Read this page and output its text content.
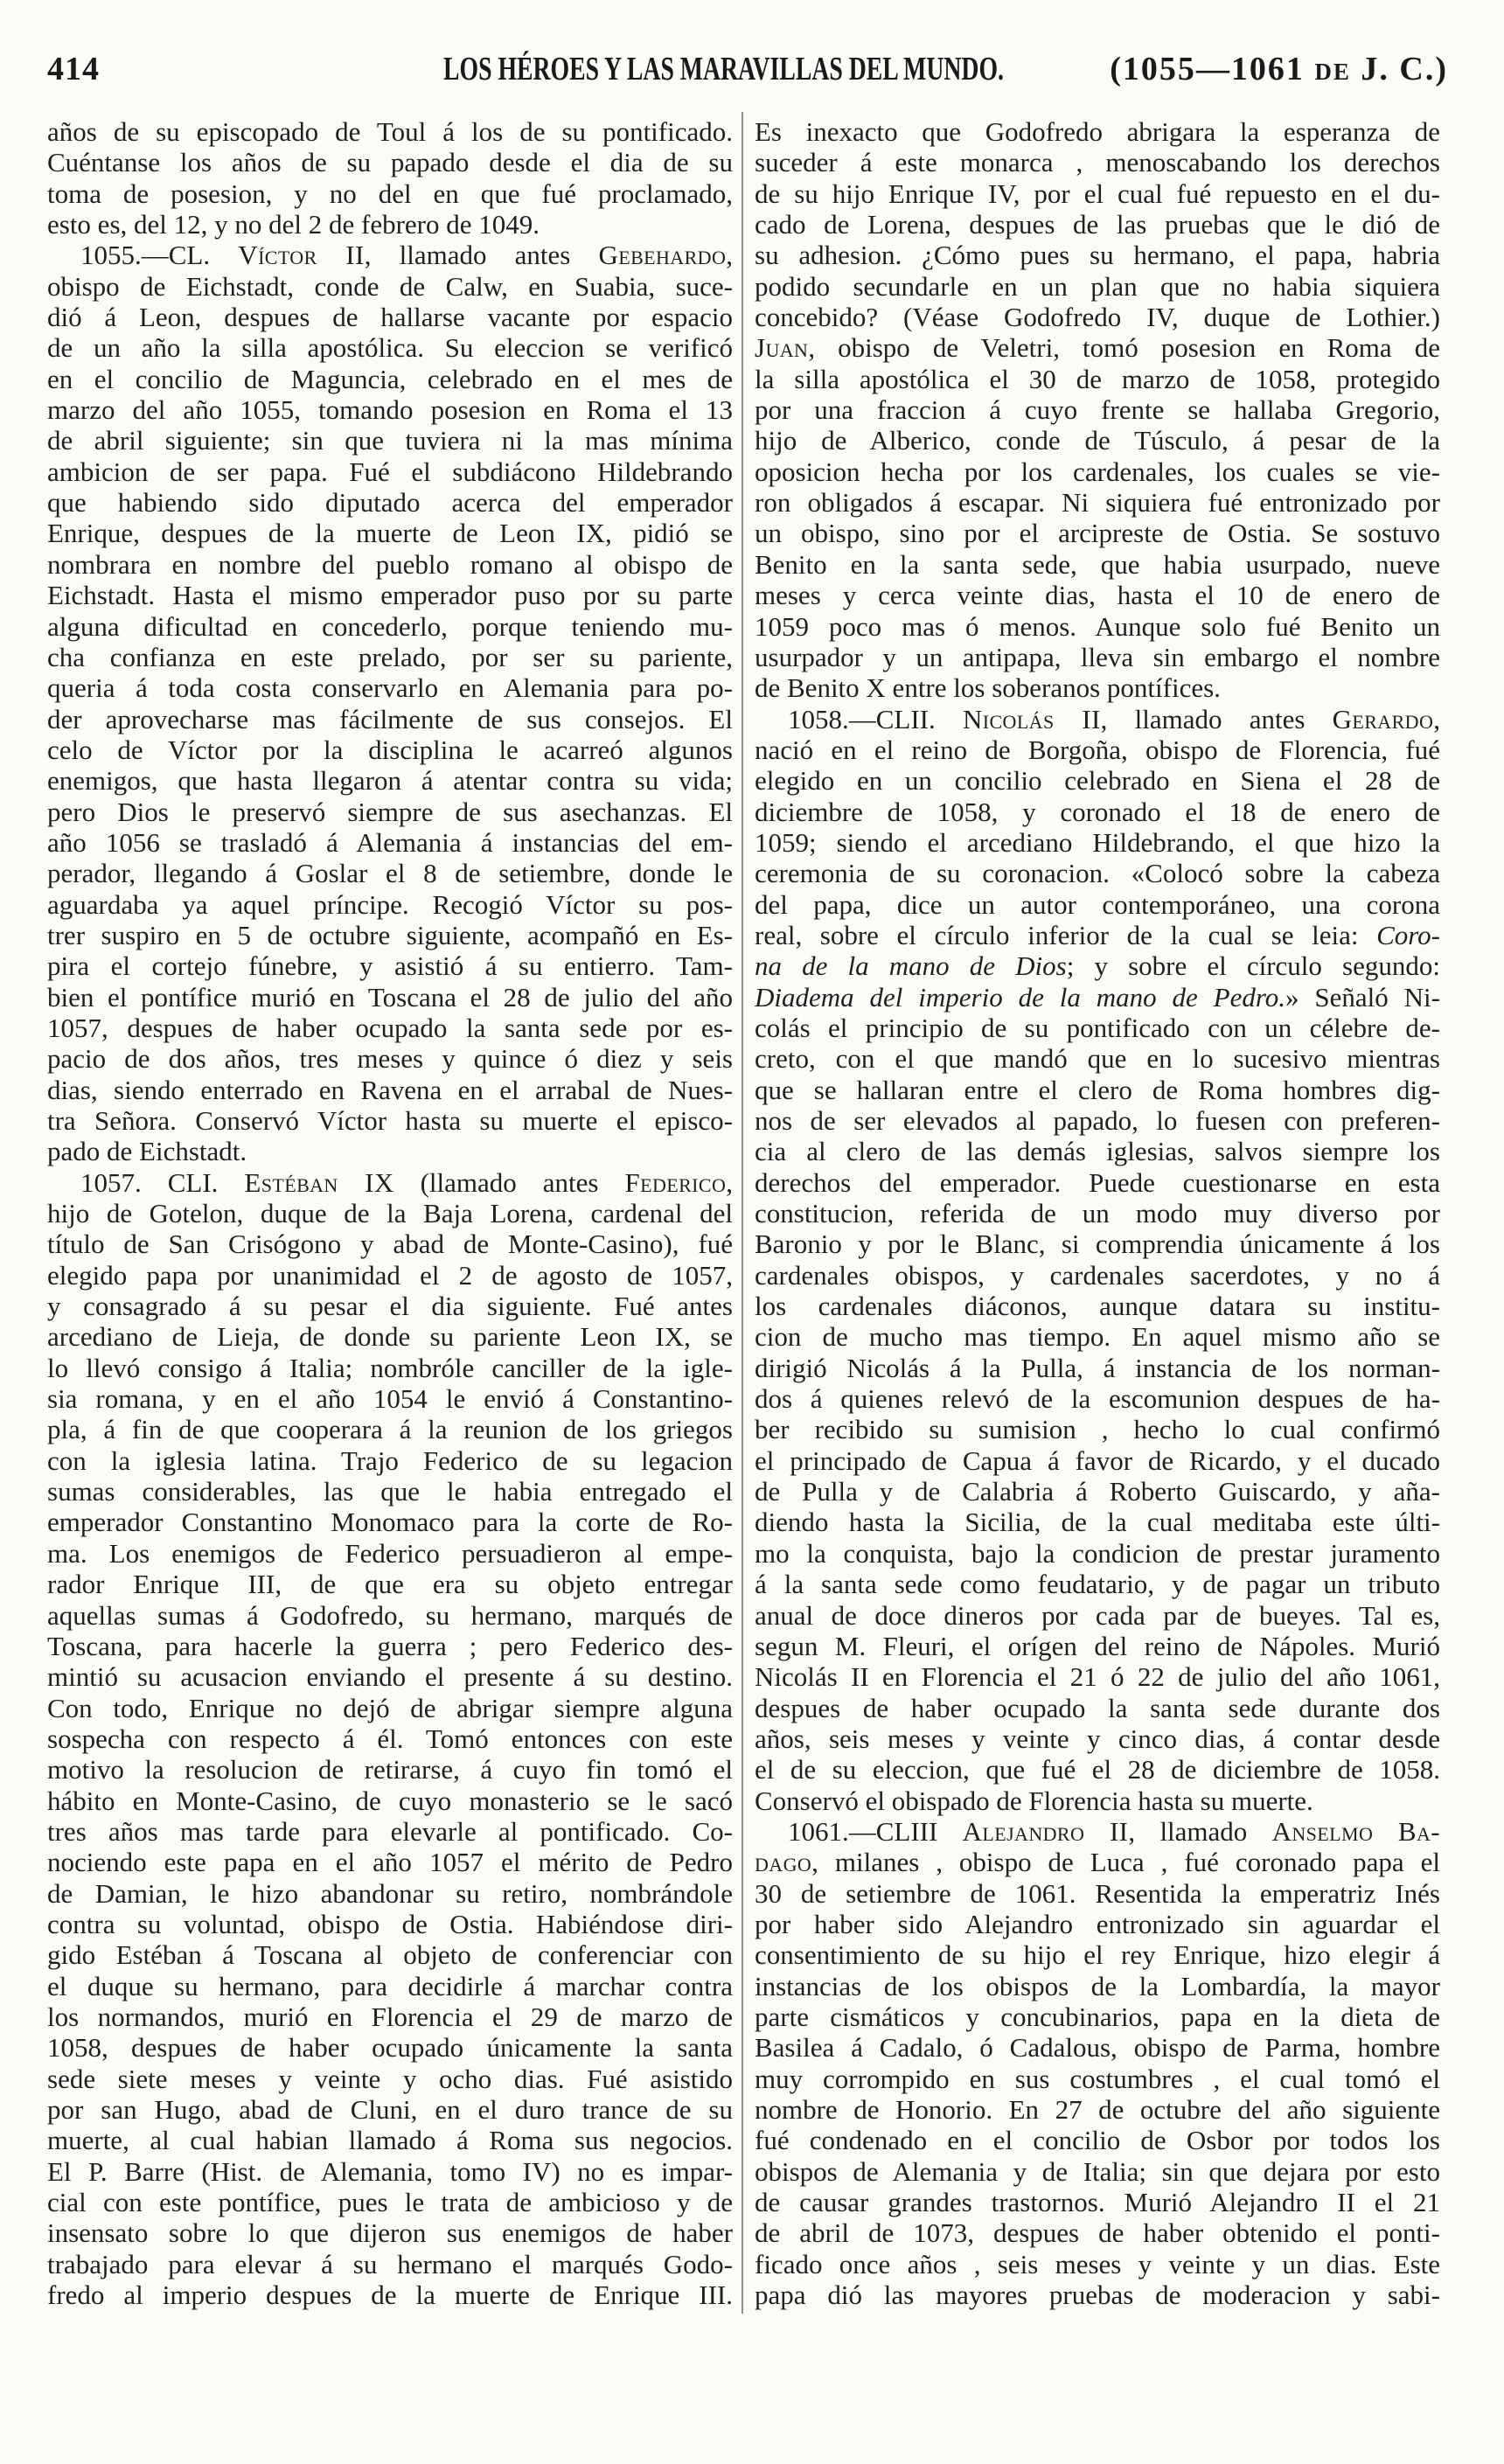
414	LOS HÉROES Y LAS MARAVILLAS DEL MUNDO.	(1055—1061 de J. C.)
años de su episcopado de Toul á los de su pontificado.
Cuéntanse los años de su papado desde el dia de su
toma de posesion, y no del en que fué proclamado,
esto es, del 12, y no del 2 de febrero de 1049.
1055.—CL. Víctor II, llamado antes Gebehardo,
obispo de Eichstadt, conde de Calw, en Suabia, suce-
dió á Leon, despues de hallarse vacante por espacio
de un año la silla apostólica. Su eleccion se verificó
en el concilio de Maguncia, celebrado en el mes de
marzo del año 1055, tomando posesion en Roma el 13
de abril siguiente; sin que tuviera ni la mas mínima
ambicion de ser papa. Fué el subdiácono Hildebrando
que habiendo sido diputado acerca del emperador
Enrique, despues de la muerte de Leon IX, pidió se
nombrara en nombre del pueblo romano al obispo de
Eichstadt. Hasta el mismo emperador puso por su parte
alguna dificultad en concederlo, porque teniendo mu-
cha confianza en este prelado, por ser su pariente,
queria á toda costa conservarlo en Alemania para po-
der aprovecharse mas fácilmente de sus consejos. El
celo de Víctor por la disciplina le acarreó algunos
enemigos, que hasta llegaron á atentar contra su vida;
pero Dios le preservó siempre de sus asechanzas. El
año 1056 se trasladó á Alemania á instancias del em-
perador, llegando á Goslar el 8 de setiembre, donde le
aguardaba ya aquel príncipe. Recogió Víctor su pos-
trer suspiro en 5 de octubre siguiente, acompañó en Es-
pira el cortejo fúnebre, y asistió á su entierro. Tam-
bien el pontífice murió en Toscana el 28 de julio del año
1057, despues de haber ocupado la santa sede por es-
pacio de dos años, tres meses y quince ó diez y seis
dias, siendo enterrado en Ravena en el arrabal de Nues-
tra Señora. Conservó Víctor hasta su muerte el episco-
pado de Eichstadt.
1057. CLI. Estéban IX (llamado antes Federico,
hijo de Gotelon, duque de la Baja Lorena, cardenal del
título de San Crisógono y abad de Monte-Casino), fué
elegido papa por unanimidad el 2 de agosto de 1057,
y consagrado á su pesar el dia siguiente. Fué antes
arcediano de Lieja, de donde su pariente Leon IX, se
lo llevó consigo á Italia; nombróle canciller de la igle-
sia romana, y en el año 1054 le envió á Constantino-
pla, á fin de que cooperara á la reunion de los griegos
con la iglesia latina. Trajo Federico de su legacion
sumas considerables, las que le habia entregado el
emperador Constantino Monomaco para la corte de Ro-
ma. Los enemigos de Federico persuadieron al empe-
rador Enrique III, de que era su objeto entregar
aquellas sumas á Godofredo, su hermano, marqués de
Toscana, para hacerle la guerra ; pero Federico des-
mintió su acusacion enviando el presente á su destino.
Con todo, Enrique no dejó de abrigar siempre alguna
sospecha con respecto á él. Tomó entonces con este
motivo la resolucion de retirarse, á cuyo fin tomó el
hábito en Monte-Casino, de cuyo monasterio se le sacó
tres años mas tarde para elevarle al pontificado. Co-
nociendo este papa en el año 1057 el mérito de Pedro
de Damian, le hizo abandonar su retiro, nombrándole
contra su voluntad, obispo de Ostia. Habiéndose diri-
gido Estéban á Toscana al objeto de conferenciar con
el duque su hermano, para decidirle á marchar contra
los normandos, murió en Florencia el 29 de marzo de
1058, despues de haber ocupado únicamente la santa
sede siete meses y veinte y ocho dias. Fué asistido
por san Hugo, abad de Cluni, en el duro trance de su
muerte, al cual habian llamado á Roma sus negocios.
El P. Barre (Hist. de Alemania, tomo IV) no es impar-
cial con este pontífice, pues le trata de ambicioso y de
insensato sobre lo que dijeron sus enemigos de haber
trabajado para elevar á su hermano el marqués Godo-
fredo al imperio despues de la muerte de Enrique III.
Es inexacto que Godofredo abrigara la esperanza de
suceder á este monarca , menoscabando los derechos
de su hijo Enrique IV, por el cual fué repuesto en el du-
cado de Lorena, despues de las pruebas que le dió de
su adhesion. ¿Cómo pues su hermano, el papa, habria
podido secundarle en un plan que no habia siquiera
concebido? (Véase Godofredo IV, duque de Lothier.)
Juan, obispo de Veletri, tomó posesion en Roma de
la silla apostólica el 30 de marzo de 1058, protegido
por una fraccion á cuyo frente se hallaba Gregorio,
hijo de Alberico, conde de Túsculo, á pesar de la
oposicion hecha por los cardenales, los cuales se vie-
ron obligados á escapar. Ni siquiera fué entronizado por
un obispo, sino por el arcipreste de Ostia. Se sostuvo
Benito en la santa sede, que habia usurpado, nueve
meses y cerca veinte dias, hasta el 10 de enero de
1059 poco mas ó menos. Aunque solo fué Benito un
usurpador y un antipapa, lleva sin embargo el nombre
de Benito X entre los soberanos pontífices.
1058.—CLII. Nicolás II, llamado antes Gerardo,
nació en el reino de Borgoña, obispo de Florencia, fué
elegido en un concilio celebrado en Siena el 28 de
diciembre de 1058, y coronado el 18 de enero de
1059; siendo el arcediano Hildebrando, el que hizo la
ceremonia de su coronacion. «Colocó sobre la cabeza
del papa, dice un autor contemporáneo, una corona
real, sobre el círculo inferior de la cual se leia: Coro-
na de la mano de Dios; y sobre el círculo segundo:
Diadema del imperio de la mano de Pedro.» Señaló Ni-
colás el principio de su pontificado con un célebre de-
creto, con el que mandó que en lo sucesivo mientras
que se hallaran entre el clero de Roma hombres dig-
nos de ser elevados al papado, lo fuesen con preferen-
cia al clero de las demás iglesias, salvos siempre los
derechos del emperador. Puede cuestionarse en esta
constitucion, referida de un modo muy diverso por
Baronio y por le Blanc, si comprendia únicamente á los
cardenales obispos, y cardenales sacerdotes, y no á
los cardenales diáconos, aunque datara su institu-
cion de mucho mas tiempo. En aquel mismo año se
dirigió Nicolás á la Pulla, á instancia de los norman-
dos á quienes relevó de la escomunion despues de ha-
ber recibido su sumision , hecho lo cual confirmó
el principado de Capua á favor de Ricardo, y el ducado
de Pulla y de Calabria á Roberto Guiscardo, y aña-
diendo hasta la Sicilia, de la cual meditaba este últi-
mo la conquista, bajo la condicion de prestar juramento
á la santa sede como feudatario, y de pagar un tributo
anual de doce dineros por cada par de bueyes. Tal es,
segun M. Fleuri, el orígen del reino de Nápoles. Murió
Nicolás II en Florencia el 21 ó 22 de julio del año 1061,
despues de haber ocupado la santa sede durante dos
años, seis meses y veinte y cinco dias, á contar desde
el de su eleccion, que fué el 28 de diciembre de 1058.
Conservó el obispado de Florencia hasta su muerte.
1061.—CLIII Alejandro II, llamado Anselmo Ba-
dago, milanes , obispo de Luca , fué coronado papa el
30 de setiembre de 1061. Resentida la emperatriz Inés
por haber sido Alejandro entronizado sin aguardar el
consentimiento de su hijo el rey Enrique, hizo elegir á
instancias de los obispos de la Lombardía, la mayor
parte cismáticos y concubinarios, papa en la dieta de
Basilea á Cadalo, ó Cadalous, obispo de Parma, hombre
muy corrompido en sus costumbres , el cual tomó el
nombre de Honorio. En 27 de octubre del año siguiente
fué condenado en el concilio de Osbor por todos los
obispos de Alemania y de Italia; sin que dejara por esto
de causar grandes trastornos. Murió Alejandro II el 21
de abril de 1073, despues de haber obtenido el ponti-
ficado once años , seis meses y veinte y un dias. Este
papa dió las mayores pruebas de moderacion y sabi-
